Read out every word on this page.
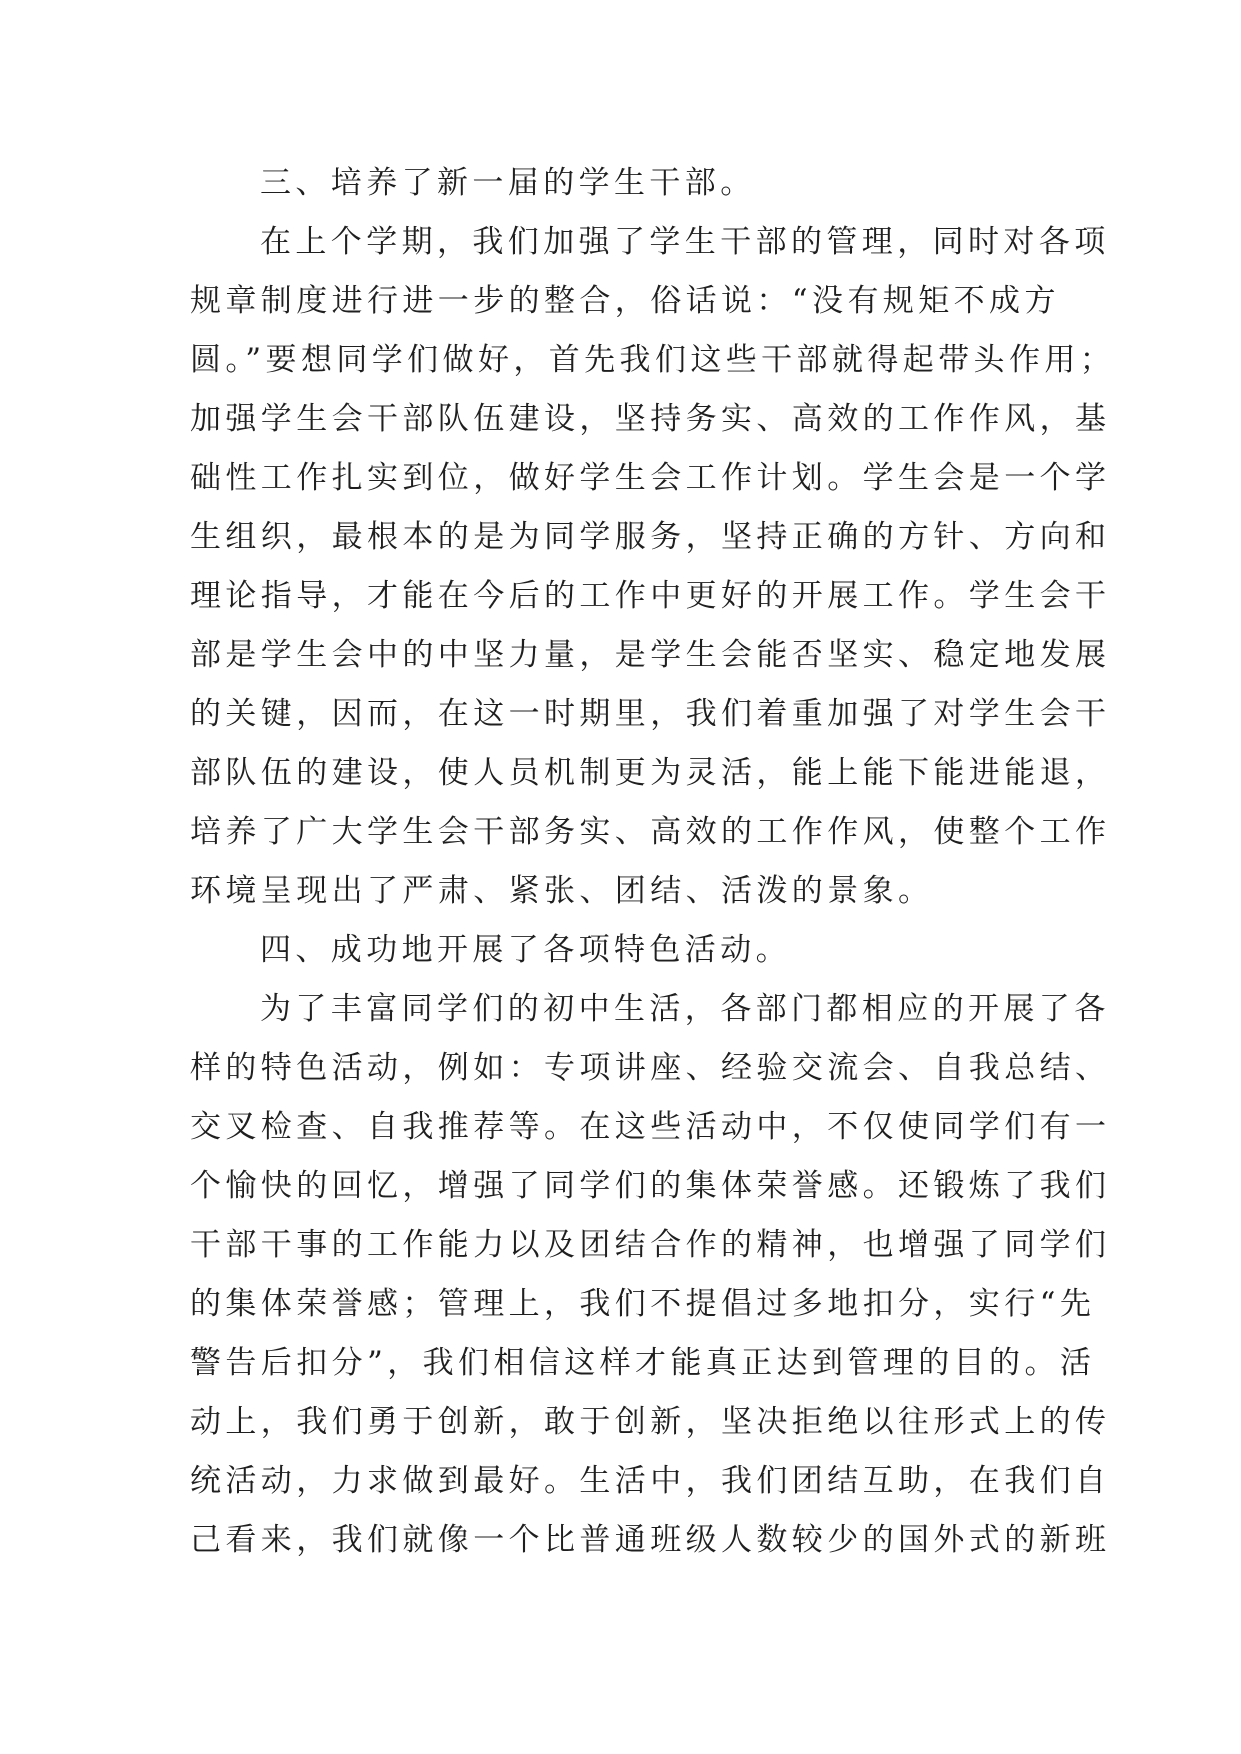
三、培养了新一届的学生干部。
在上个学期，我们加强了学生干部的管理，同时对各项
规章制度进行进一步的整合，俗话说：“没有规矩不成方
圆。”要想同学们做好，首先我们这些干部就得起带头作用；
加强学生会干部队伍建设，坚持务实、高效的工作作风，基
础性工作扎实到位，做好学生会工作计划。学生会是一个学
生组织，最根本的是为同学服务，坚持正确的方针、方向和
理论指导，才能在今后的工作中更好的开展工作。学生会干
部是学生会中的中坚力量，是学生会能否坚实、稳定地发展
的关键，因而，在这一时期里，我们着重加强了对学生会干
部队伍的建设，使人员机制更为灵活，能上能下能进能退，
培养了广大学生会干部务实、高效的工作作风，使整个工作
环境呈现出了严肃、紧张、团结、活泼的景象。
四、成功地开展了各项特色活动。
为了丰富同学们的初中生活，各部门都相应的开展了各
样的特色活动，例如：专项讲座、经验交流会、自我总结、
交叉检查、自我推荐等。在这些活动中，不仅使同学们有一
个愉快的回忆，增强了同学们的集体荣誉感。还锻炼了我们
干部干事的工作能力以及团结合作的精神，也增强了同学们
的集体荣誉感；管理上，我们不提倡过多地扣分，实行“先
警告后扣分”，我们相信这样才能真正达到管理的目的。活
动上，我们勇于创新，敢于创新，坚决拒绝以往形式上的传
统活动，力求做到最好。生活中，我们团结互助，在我们自
己看来，我们就像一个比普通班级人数较少的国外式的新班
